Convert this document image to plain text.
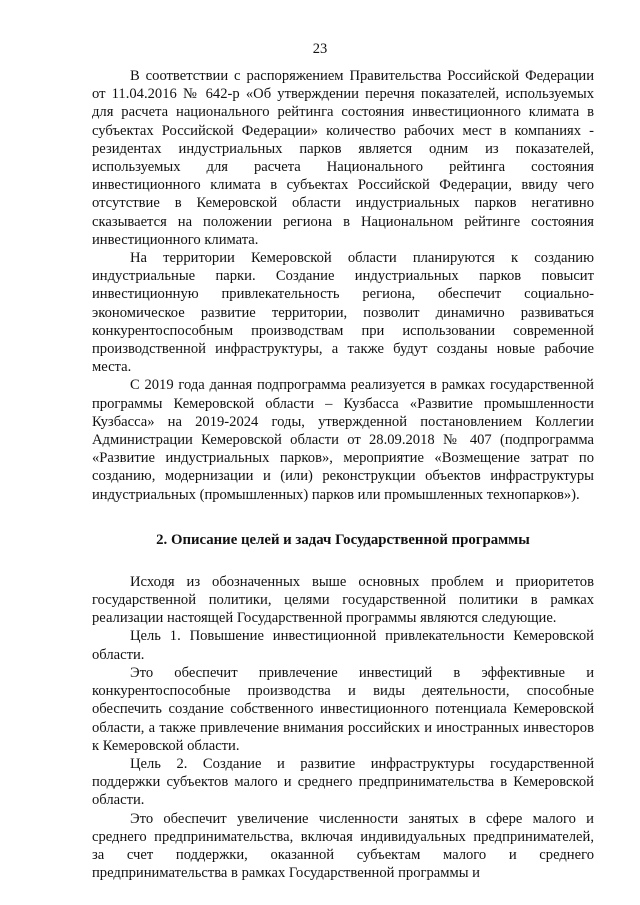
23

В соответствии с распоряжением Правительства Российской Федерации от 11.04.2016 № 642-р «Об утверждении перечня показателей, используемых для расчета национального рейтинга состояния инвестиционного климата в субъектах Российской Федерации» количество рабочих мест в компаниях - резидентах индустриальных парков является одним из показателей, используемых для расчета Национального рейтинга состояния инвестиционного климата в субъектах Российской Федерации, ввиду чего отсутствие в Кемеровской области индустриальных парков негативно сказывается на положении региона в Национальном рейтинге состояния инвестиционного климата.

На территории Кемеровской области планируются к созданию индустриальные парки. Создание индустриальных парков повысит инвестиционную привлекательность региона, обеспечит социально-экономическое развитие территории, позволит динамично развиваться конкурентоспособным производствам при использовании современной производственной инфраструктуры, а также будут созданы новые рабочие места.

С 2019 года данная подпрограмма реализуется в рамках государственной программы Кемеровской области – Кузбасса «Развитие промышленности Кузбасса» на 2019-2024 годы, утвержденной постановлением Коллегии Администрации Кемеровской области от 28.09.2018 № 407 (подпрограмма «Развитие индустриальных парков», мероприятие «Возмещение затрат по созданию, модернизации и (или) реконструкции объектов инфраструктуры индустриальных (промышленных) парков или промышленных технопарков»).

2. Описание целей и задач Государственной программы

Исходя из обозначенных выше основных проблем и приоритетов государственной политики, целями государственной политики в рамках реализации настоящей Государственной программы являются следующие.

Цель 1. Повышение инвестиционной привлекательности Кемеровской области.

Это обеспечит привлечение инвестиций в эффективные и конкурентоспособные производства и виды деятельности, способные обеспечить создание собственного инвестиционного потенциала Кемеровской области, а также привлечение внимания российских и иностранных инвесторов к Кемеровской области.

Цель 2. Создание и развитие инфраструктуры государственной поддержки субъектов малого и среднего предпринимательства в Кемеровской области.

Это обеспечит увеличение численности занятых в сфере малого и среднего предпринимательства, включая индивидуальных предпринимателей, за счет поддержки, оказанной субъектам малого и среднего предпринимательства в рамках Государственной программы и
